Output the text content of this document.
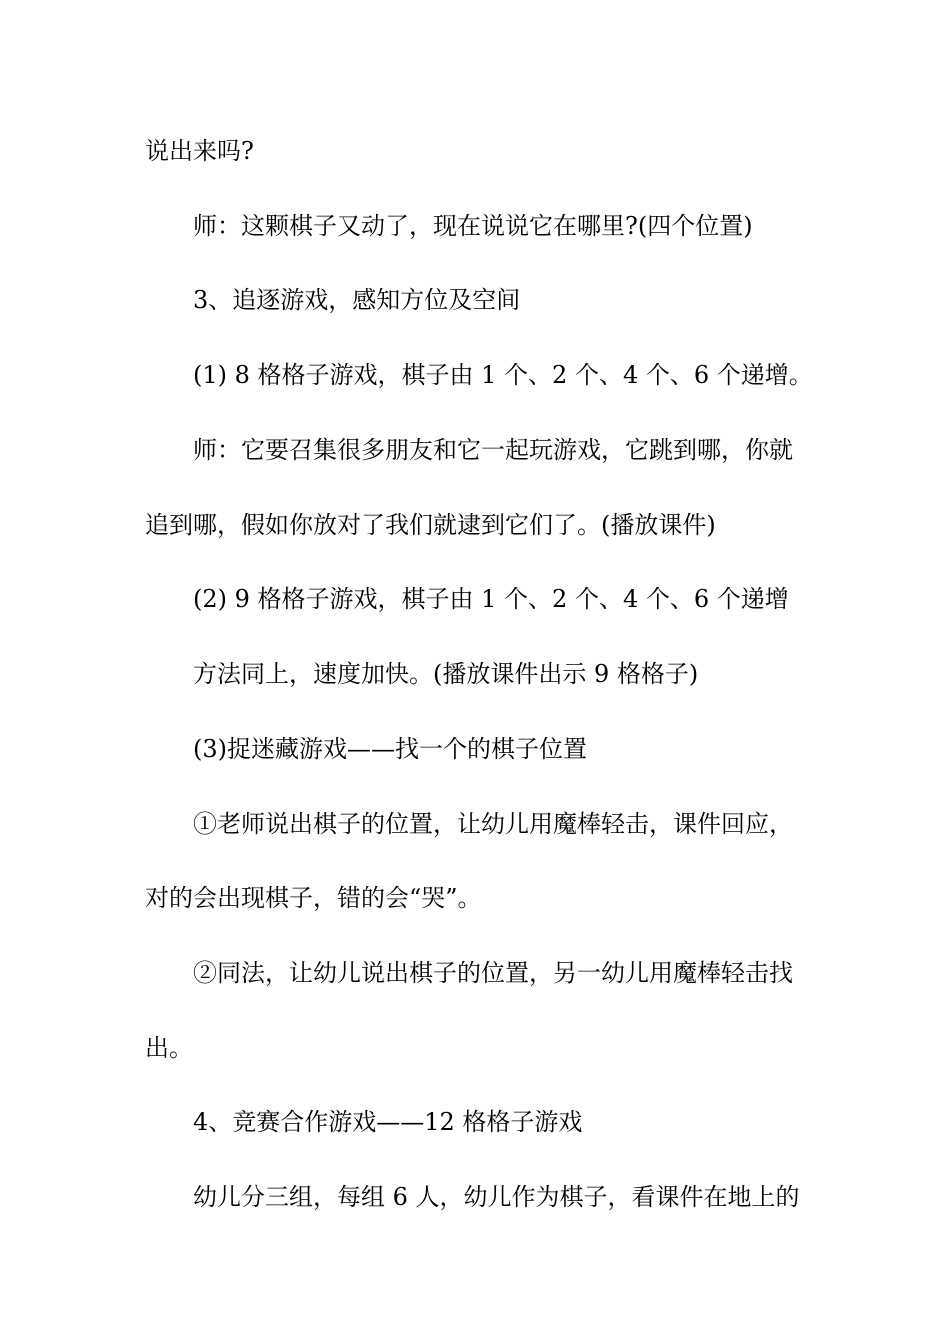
说出来吗?
师：这颗棋子又动了，现在说说它在哪里?(四个位置)
3、追逐游戏，感知方位及空间
(1) 8 格格子游戏，棋子由 1 个、2 个、4 个、6 个递增。
师：它要召集很多朋友和它一起玩游戏，它跳到哪，你就
追到哪，假如你放对了我们就逮到它们了。(播放课件)
(2) 9 格格子游戏，棋子由 1 个、2 个、4 个、6 个递增
方法同上，速度加快。(播放课件出示 9 格格子)
(3)捉迷藏游戏——找一个的棋子位置
①老师说出棋子的位置，让幼儿用魔棒轻击，课件回应，
对的会出现棋子，错的会“哭”。
②同法，让幼儿说出棋子的位置，另一幼儿用魔棒轻击找
出。
4、竞赛合作游戏——12 格格子游戏
幼儿分三组，每组 6 人，幼儿作为棋子，看课件在地上的
